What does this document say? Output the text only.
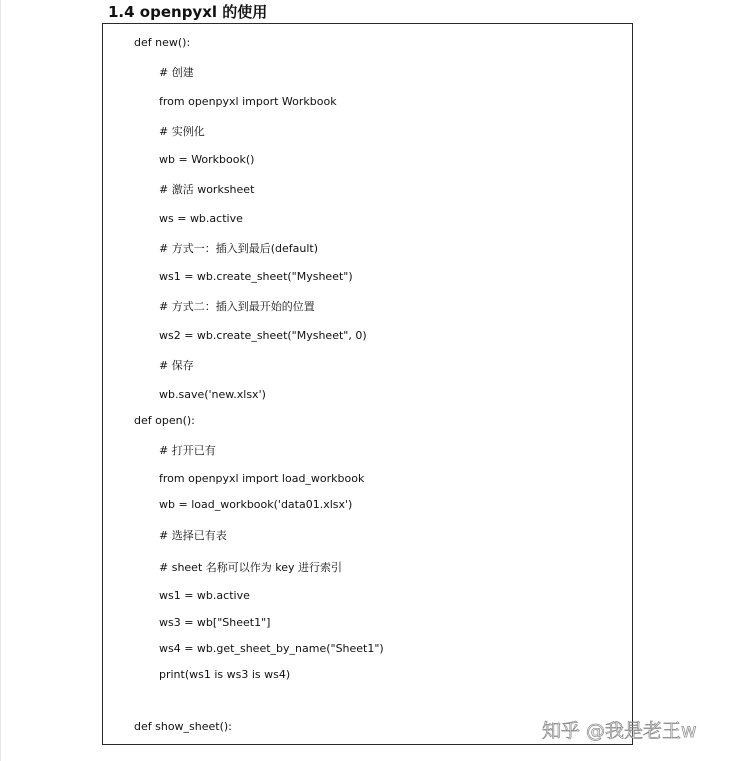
1.4 openpyxl 的使用
def new():
# 创建
from openpyxl import Workbook
# 实例化
wb = Workbook()
# 激活 worksheet
ws = wb.active
# 方式一：插入到最后(default)
ws1 = wb.create_sheet("Mysheet")
# 方式二：插入到最开始的位置
ws2 = wb.create_sheet("Mysheet", 0)
# 保存
wb.save('new.xlsx')
def open():
# 打开已有
from openpyxl import load_workbook
wb = load_workbook('data01.xlsx')
# 选择已有表
# sheet 名称可以作为 key 进行索引
ws1 = wb.active
ws3 = wb["Sheet1"]
ws4 = wb.get_sheet_by_name("Sheet1")
print(ws1 is ws3 is ws4)
def show_sheet():	知乎 @我是老王w
